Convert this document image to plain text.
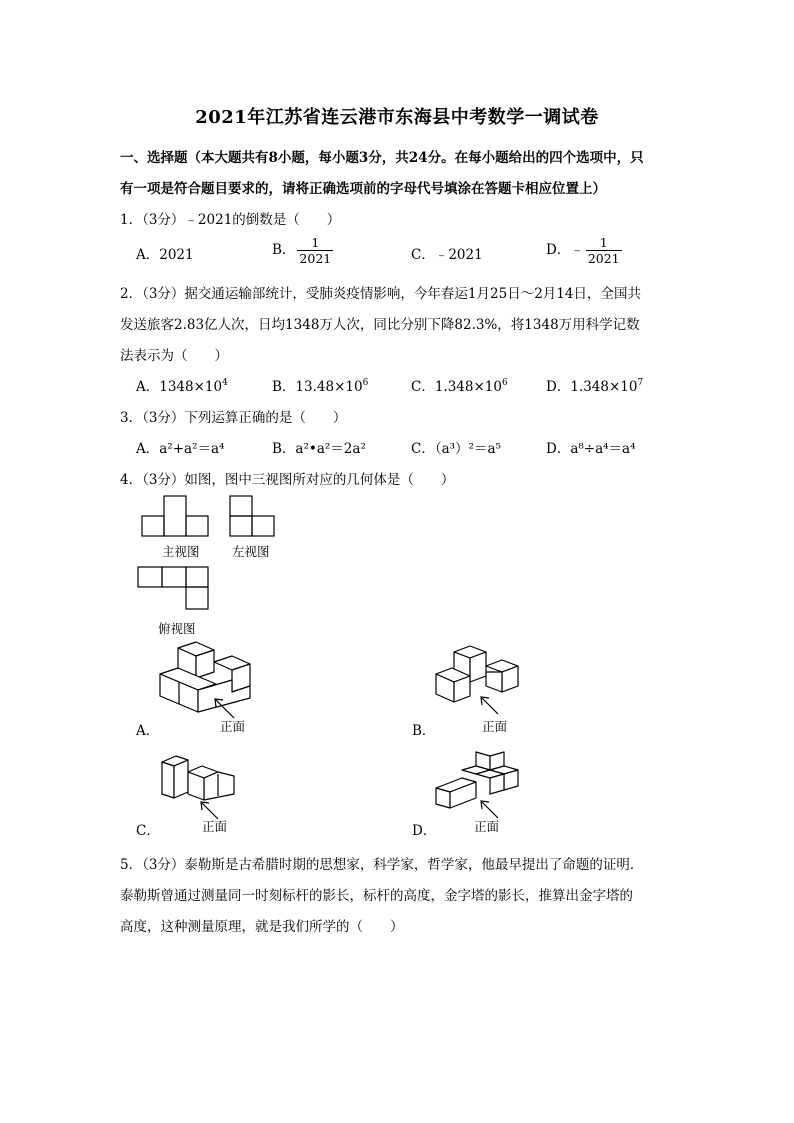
2021年江苏省连云港市东海县中考数学一调试卷
一、选择题（本大题共有8小题，每小题3分，共24分。在每小题给出的四个选项中，只
有一项是符合题目要求的，请将正确选项前的字母代号填涂在答题卡相应位置上）
1．（3分）﹣2021的倒数是（　　）
A．2021	B． $\frac{1}{2021}$	C．﹣2021	D．﹣ $\frac{1}{2021}$
2．（3分）据交通运输部统计，受肺炎疫情影响，今年春运1月25日～2月14日，全国共
发送旅客2.83亿人次，日均1348万人次，同比分别下降82.3%，将1348万用科学记数
法表示为（　　）
A．$1348\times 10^4$	B．$13.48\times 10^6$	C．$1.348\times 10^6$	D．$1.348\times 10^7$
3．（3分）下列运算正确的是（　　）
A．a²+a²＝a⁴	B．a²•a²＝2a²	C．（a³）²＝a⁵	D．a⁸÷a⁴＝a⁴
4．（3分）如图，图中三视图所对应的几何体是（　　）
主视图	左视图
俯视图
A．	正面	B．	正面
C．	正面	D．	正面
5．（3分）泰勒斯是古希腊时期的思想家，科学家，哲学家，他最早提出了命题的证明．
泰勒斯曾通过测量同一时刻标杆的影长，标杆的高度，金字塔的影长，推算出金字塔的
高度，这种测量原理，就是我们所学的（　　）
